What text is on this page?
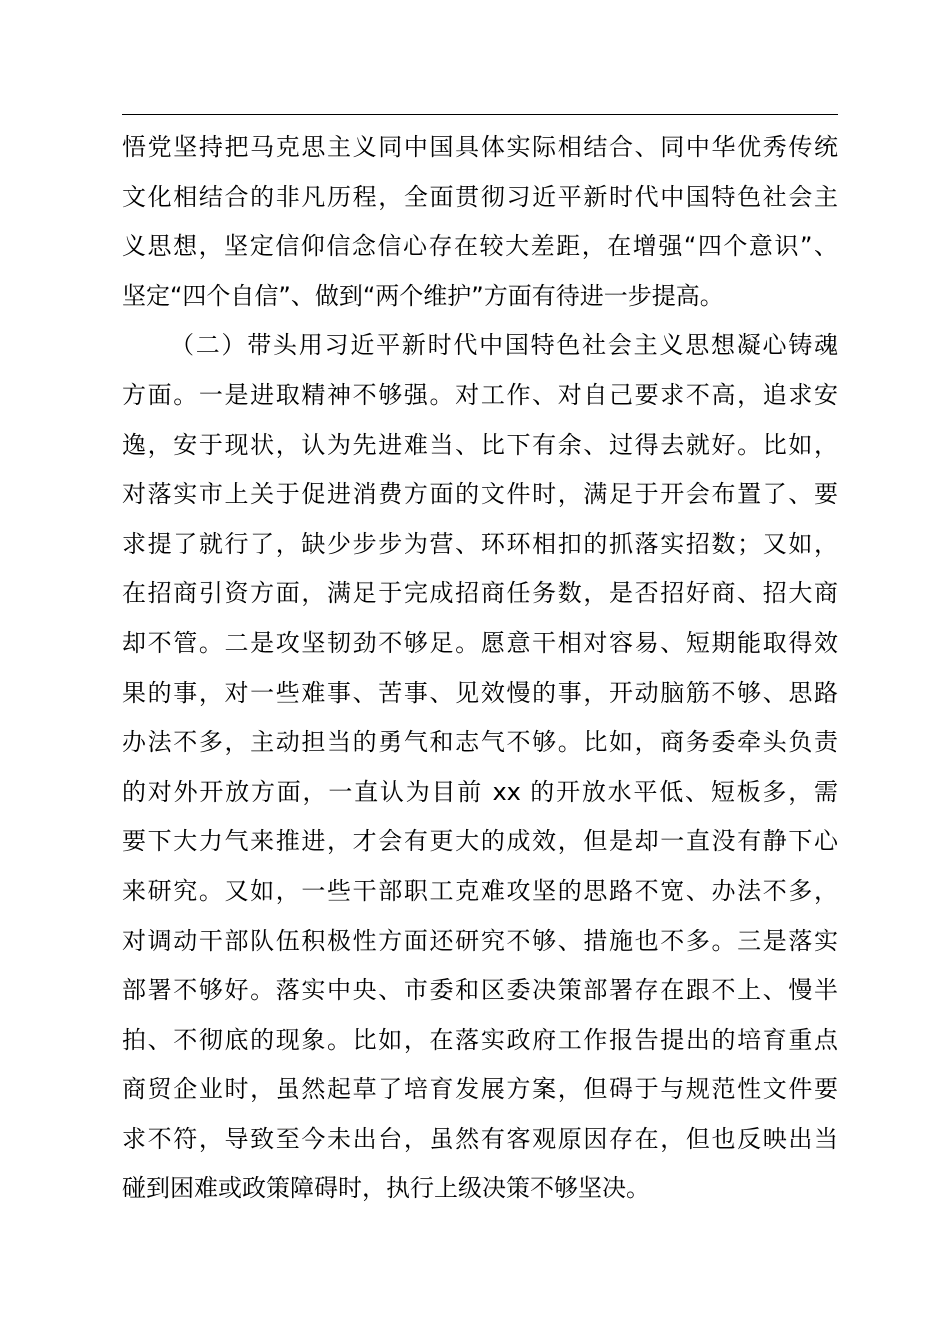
悟党坚持把马克思主义同中国具体实际相结合、同中华优秀传统
文化相结合的非凡历程，全面贯彻习近平新时代中国特色社会主
义思想，坚定信仰信念信心存在较大差距，在增强“四个意识”、
坚定“四个自信”、做到“两个维护”方面有待进一步提高。
（二）带头用习近平新时代中国特色社会主义思想凝心铸魂
方面。一是进取精神不够强。对工作、对自己要求不高，追求安
逸，安于现状，认为先进难当、比下有余、过得去就好。比如，
对落实市上关于促进消费方面的文件时，满足于开会布置了、要
求提了就行了，缺少步步为营、环环相扣的抓落实招数；又如，
在招商引资方面，满足于完成招商任务数，是否招好商、招大商
却不管。二是攻坚韧劲不够足。愿意干相对容易、短期能取得效
果的事，对一些难事、苦事、见效慢的事，开动脑筋不够、思路
办法不多，主动担当的勇气和志气不够。比如，商务委牵头负责
的对外开放方面，一直认为目前 xx 的开放水平低、短板多，需
要下大力气来推进，才会有更大的成效，但是却一直没有静下心
来研究。又如，一些干部职工克难攻坚的思路不宽、办法不多，
对调动干部队伍积极性方面还研究不够、措施也不多。三是落实
部署不够好。落实中央、市委和区委决策部署存在跟不上、慢半
拍、不彻底的现象。比如，在落实政府工作报告提出的培育重点
商贸企业时，虽然起草了培育发展方案，但碍于与规范性文件要
求不符，导致至今未出台，虽然有客观原因存在，但也反映出当
碰到困难或政策障碍时，执行上级决策不够坚决。
